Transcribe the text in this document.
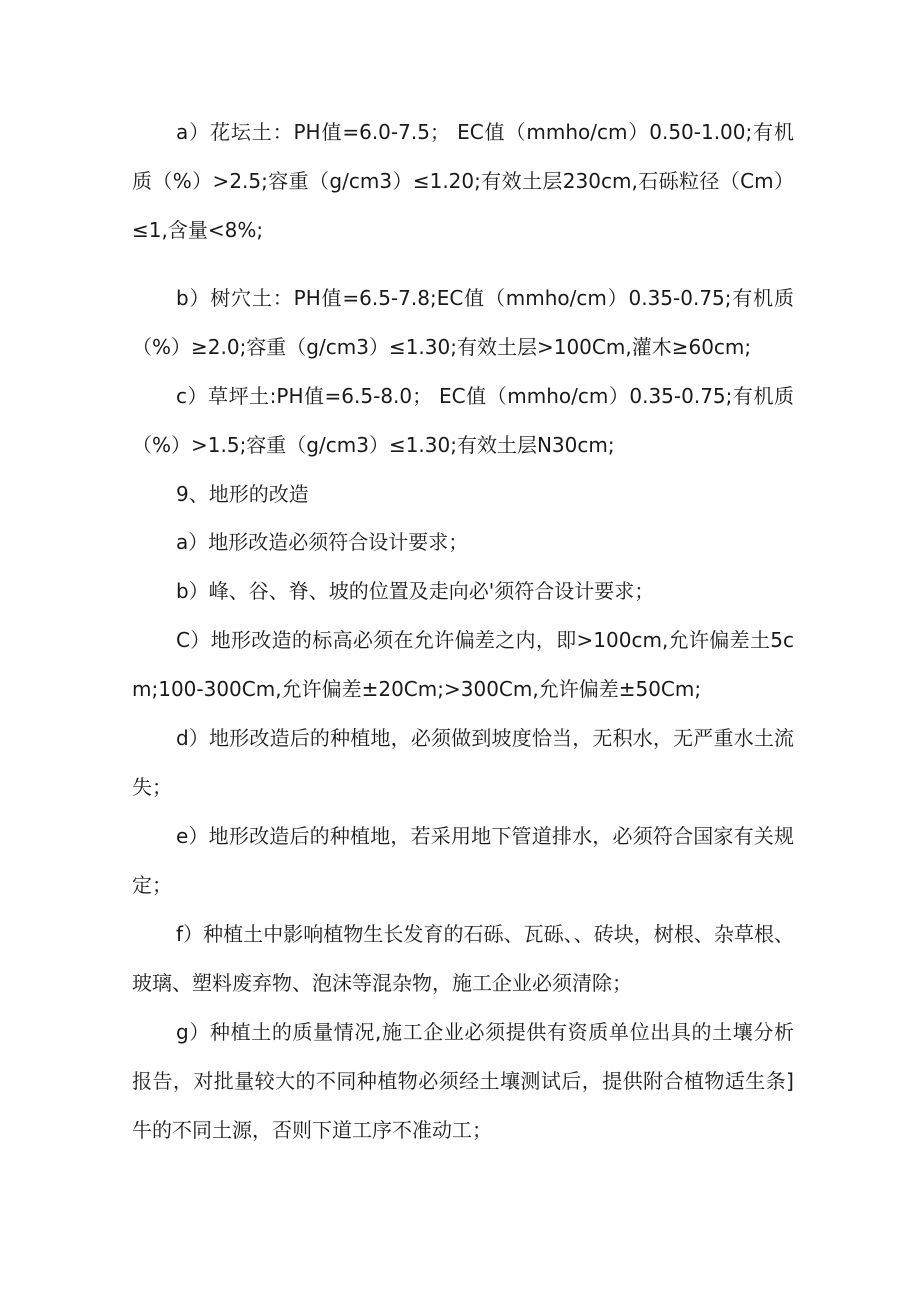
a）花坛土：PH值=6.0-7.5； EC值（mmho/cm）0.50-1.00;有机质（%）>2.5;容重（g/cm3）≤1.20;有效土层230cm,石砾粒径（Cm）≤1,含量<8%;

b）树穴土：PH值=6.5-7.8;EC值（mmho/cm）0.35-0.75;有机质（%）≥2.0;容重（g/cm3）≤1.30;有效土层>100Cm,灌木≥60cm;

c）草坪土:PH值=6.5-8.0； EC值（mmho/cm）0.35-0.75;有机质（%）>1.5;容重（g/cm3）≤1.30;有效土层N30cm;

9、地形的改造

a）地形改造必须符合设计要求；

b）峰、谷、脊、坡的位置及走向必'须符合设计要求；

C）地形改造的标高必须在允许偏差之内，即>100cm,允许偏差土5cm;100-300Cm,允许偏差±20Cm;>300Cm,允许偏差±50Cm;

d）地形改造后的种植地，必须做到坡度恰当，无积水，无严重水土流失；

e）地形改造后的种植地，若采用地下管道排水，必须符合国家有关规定；

f）种植土中影响植物生长发育的石砾、瓦砾、、砖块，树根、杂草根、玻璃、塑料废弃物、泡沫等混杂物，施工企业必须清除；

g）种植土的质量情况,施工企业必须提供有资质单位出具的土壤分析报告，对批量较大的不同种植物必须经土壤测试后，提供附合植物适生条]牛的不同土源，否则下道工序不准动工；
